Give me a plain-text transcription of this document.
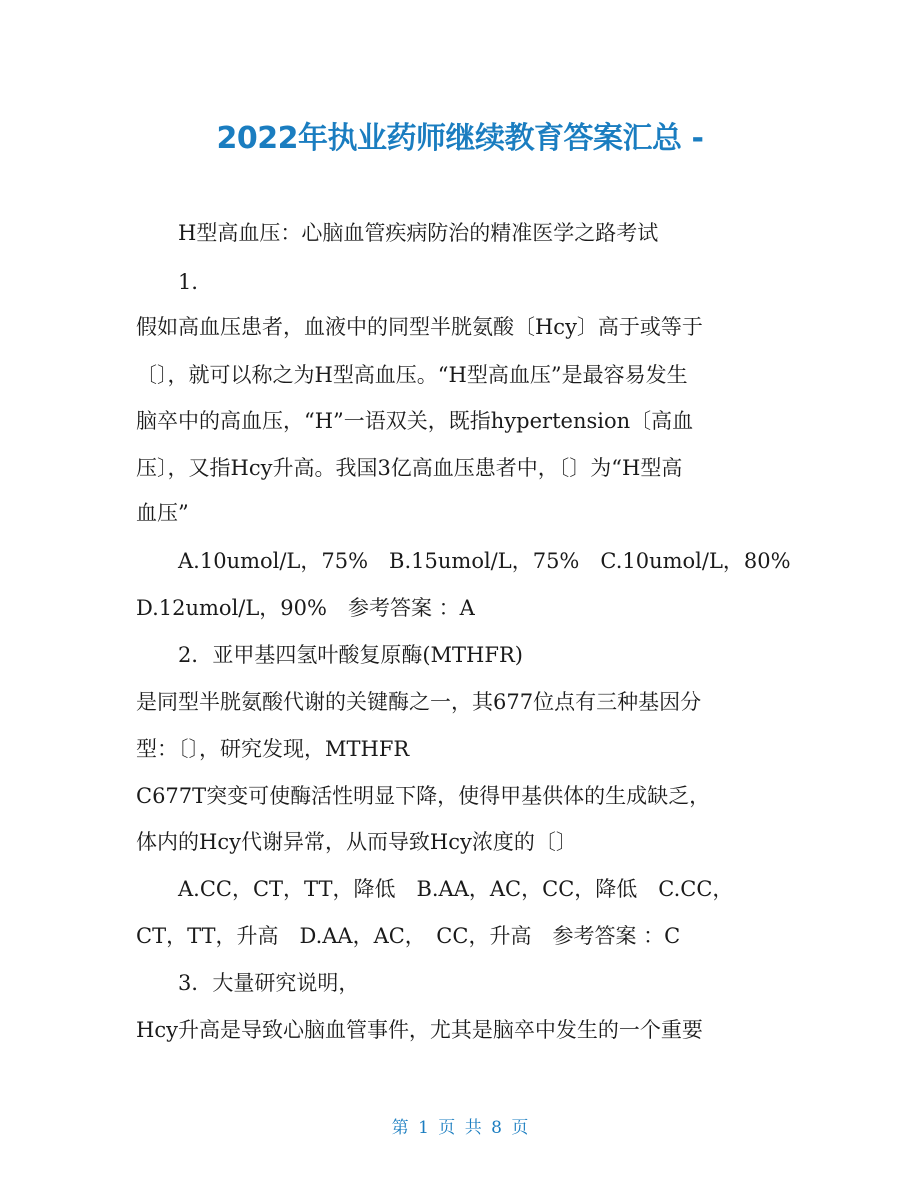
2022年执业药师继续教育答案汇总 -
H型高血压：心脑血管疾病防治的精准医学之路考试
1．
假如高血压患者，血液中的同型半胱氨酸〔Hcy〕高于或等于
〔〕，就可以称之为H型高血压。“H型高血压”是最容易发生
脑卒中的高血压，“H”一语双关，既指hypertension〔高血
压〕，又指Hcy升高。我国3亿高血压患者中，〔〕为“H型高
血压”
A.10umol/L，75%　B.15umol/L，75%　C.10umol/L，80%
D.12umol/L，90%　参考答案 ：A
2．亚甲基四氢叶酸复原酶(MTHFR)
是同型半胱氨酸代谢的关键酶之一，其677位点有三种基因分
型：〔〕，研究发现，MTHFR
C677T突变可使酶活性明显下降，使得甲基供体的生成缺乏，
体内的Hcy代谢异常，从而导致Hcy浓度的〔〕
A.CC，CT，TT，降低　B.AA，AC，CC，降低　C.CC，
CT，TT，升高　D.AA，AC，　CC，升高　参考答案 ：C
3．大量研究说明，
Hcy升高是导致心脑血管事件，尤其是脑卒中发生的一个重要
第 1 页 共 8 页
